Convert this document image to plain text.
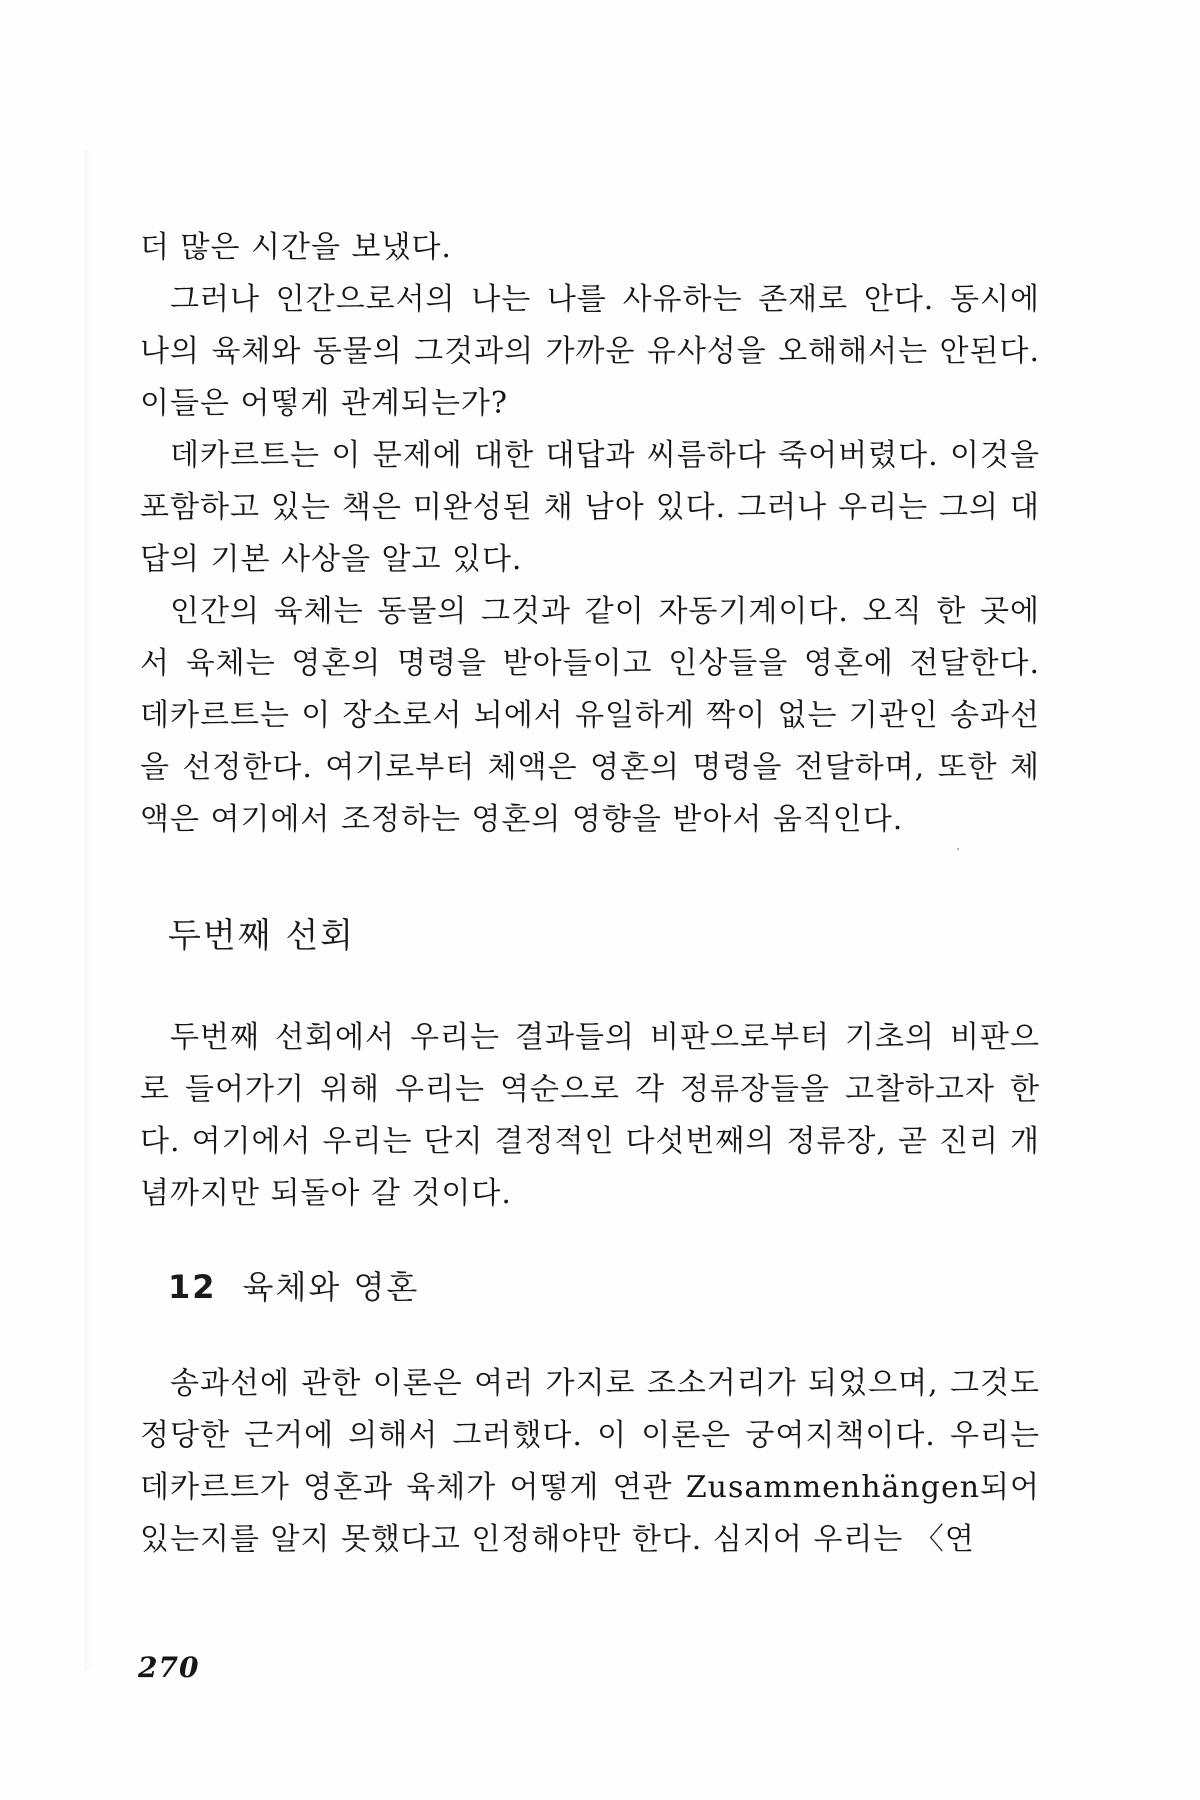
더 많은 시간을 보냈다.

그러나 인간으로서의 나는 나를 사유하는 존재로 안다. 동시에 나의 육체와 동물의 그것과의 가까운 유사성을 오해해서는 안된다. 이들은 어떻게 관계되는가?

데카르트는 이 문제에 대한 대답과 씨름하다 죽어버렸다. 이것을 포함하고 있는 책은 미완성된 채 남아 있다. 그러나 우리는 그의 대답의 기본 사상을 알고 있다.

인간의 육체는 동물의 그것과 같이 자동기계이다. 오직 한 곳에서 육체는 영혼의 명령을 받아들이고 인상들을 영혼에 전달한다. 데카르트는 이 장소로서 뇌에서 유일하게 짝이 없는 기관인 송과선을 선정한다. 여기로부터 체액은 영혼의 명령을 전달하며, 또한 체액은 여기에서 조정하는 영혼의 영향을 받아서 움직인다.

두번째 선회

두번째 선회에서 우리는 결과들의 비판으로부터 기초의 비판으로 들어가기 위해 우리는 역순으로 각 정류장들을 고찰하고자 한다. 여기에서 우리는 단지 결정적인 다섯번째의 정류장, 곧 진리 개념까지만 되돌아 갈 것이다.

12 육체와 영혼

송과선에 관한 이론은 여러 가지로 조소거리가 되었으며, 그것도 정당한 근거에 의해서 그러했다. 이 이론은 궁여지책이다. 우리는 데카르트가 영혼과 육체가 어떻게 연관 Zusammenhängen되어 있는지를 알지 못했다고 인정해야만 한다. 심지어 우리는 〈연

270
